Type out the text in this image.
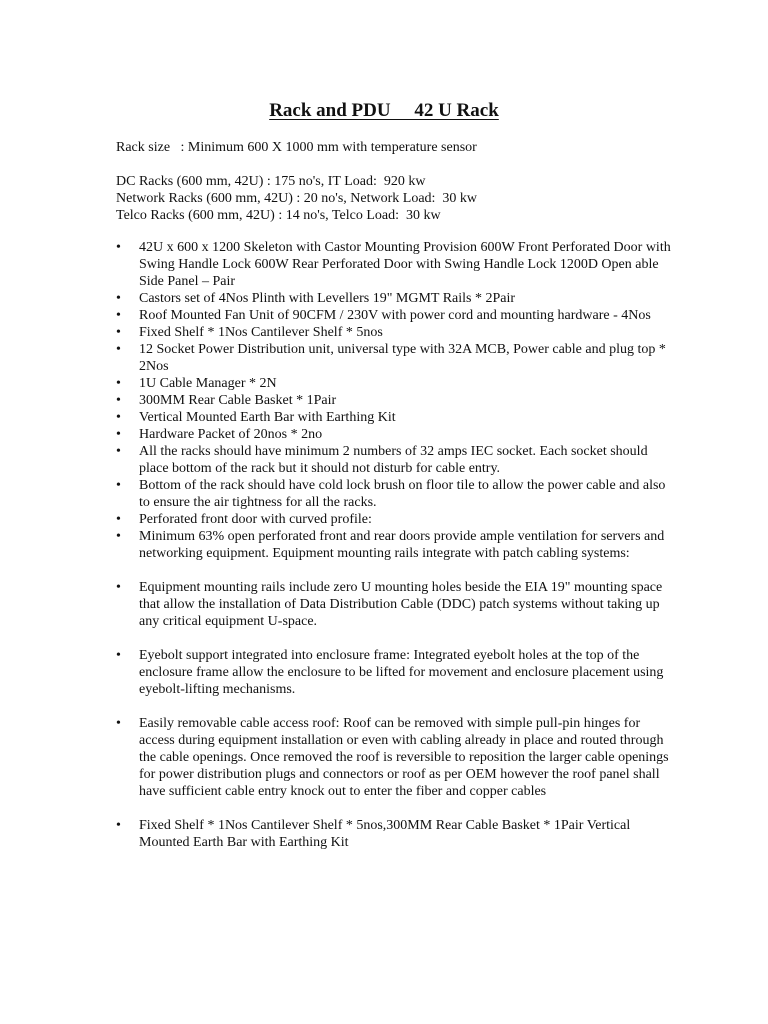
Rack and PDU     42 U Rack
Rack size   : Minimum 600 X 1000 mm with temperature sensor
DC Racks (600 mm, 42U) : 175 no's, IT Load:  920 kw
Network Racks (600 mm, 42U) : 20 no's, Network Load:  30 kw
Telco Racks (600 mm, 42U) : 14 no's, Telco Load:  30 kw
• 42U x 600 x 1200 Skeleton with Castor Mounting Provision 600W Front Perforated Door with Swing Handle Lock 600W Rear Perforated Door with Swing Handle Lock 1200D Open able Side Panel – Pair
• Castors set of 4Nos Plinth with Levellers 19" MGMT Rails * 2Pair
• Roof Mounted Fan Unit of 90CFM / 230V with power cord and mounting hardware - 4Nos
• Fixed Shelf * 1Nos Cantilever Shelf * 5nos
• 12 Socket Power Distribution unit, universal type with 32A MCB, Power cable and plug top * 2Nos
• 1U Cable Manager * 2N
• 300MM Rear Cable Basket * 1Pair
• Vertical Mounted Earth Bar with Earthing Kit
• Hardware Packet of 20nos * 2no
• All the racks should have minimum 2 numbers of 32 amps IEC socket. Each socket should place bottom of the rack but it should not disturb for cable entry.
• Bottom of the rack should have cold lock brush on floor tile to allow the power cable and also to ensure the air tightness for all the racks.
• Perforated front door with curved profile:
• Minimum 63% open perforated front and rear doors provide ample ventilation for servers and networking equipment. Equipment mounting rails integrate with patch cabling systems:
• Equipment mounting rails include zero U mounting holes beside the EIA 19" mounting space that allow the installation of Data Distribution Cable (DDC) patch systems without taking up any critical equipment U-space.
• Eyebolt support integrated into enclosure frame: Integrated eyebolt holes at the top of the enclosure frame allow the enclosure to be lifted for movement and enclosure placement using eyebolt-lifting mechanisms.
• Easily removable cable access roof: Roof can be removed with simple pull-pin hinges for access during equipment installation or even with cabling already in place and routed through the cable openings. Once removed the roof is reversible to reposition the larger cable openings for power distribution plugs and connectors or roof as per OEM however the roof panel shall have sufficient cable entry knock out to enter the fiber and copper cables
• Fixed Shelf * 1Nos Cantilever Shelf * 5nos,300MM Rear Cable Basket * 1Pair Vertical Mounted Earth Bar with Earthing Kit
